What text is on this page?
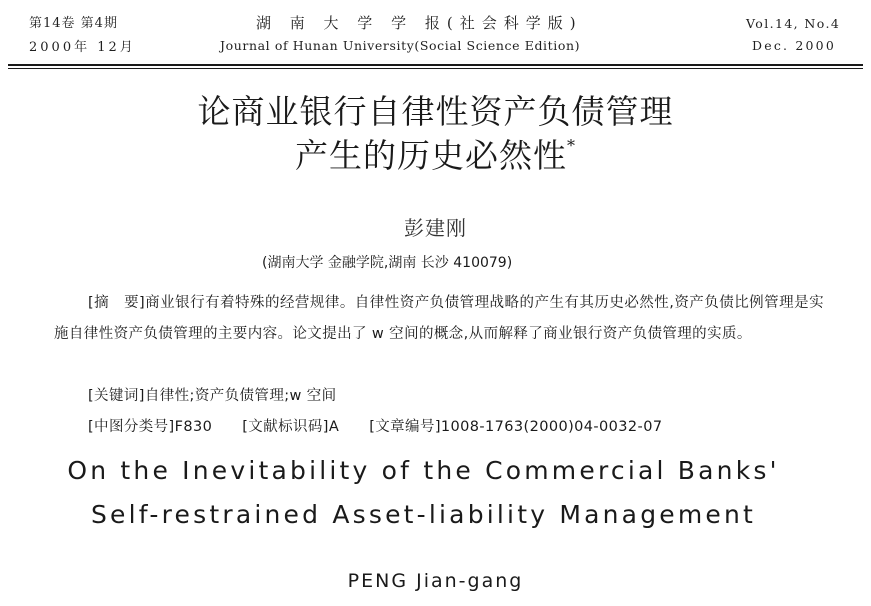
第14卷 第4期
2000年 12月
湖 南 大 学 学 报(社会科学版)
Journal of Hunan University(Social Science Edition)
Vol.14, No.4
Dec. 2000
论商业银行自律性资产负债管理
产生的历史必然性*
彭建刚
(湖南大学 金融学院,湖南 长沙 410079)
[摘　要]商业银行有着特殊的经营规律。自律性资产负债管理战略的产生有其历史必然性,资产负债比例管理是实施自律性资产负债管理的主要内容。论文提出了 w 空间的概念,从而解释了商业银行资产负债管理的实质。
[关键词]自律性;资产负债管理;w 空间
[中图分类号]F830 [文献标识码]A [文章编号]1008-1763(2000)04-0032-07
On the Inevitability of the Commercial Banks'
Self-restrained Asset-liability Management
PENG Jian-gang
